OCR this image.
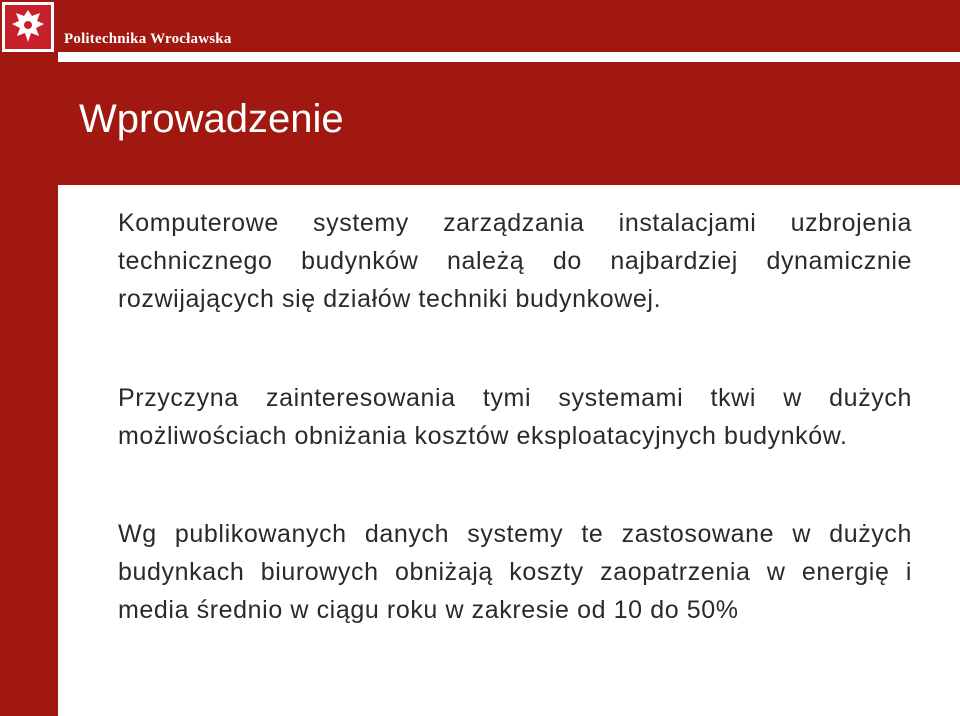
Politechnika Wrocławska
Wprowadzenie
Komputerowe systemy zarządzania instalacjami uzbrojenia technicznego budynków należą do najbardziej dynamicznie rozwijających się działów techniki budynkowej.
Przyczyna zainteresowania tymi systemami tkwi w dużych możliwościach obniżania kosztów eksploatacyjnych budynków.
Wg publikowanych danych systemy te zastosowane w dużych budynkach biurowych obniżają koszty zaopatrzenia w energię i media średnio w ciągu roku w zakresie od 10 do 50%
